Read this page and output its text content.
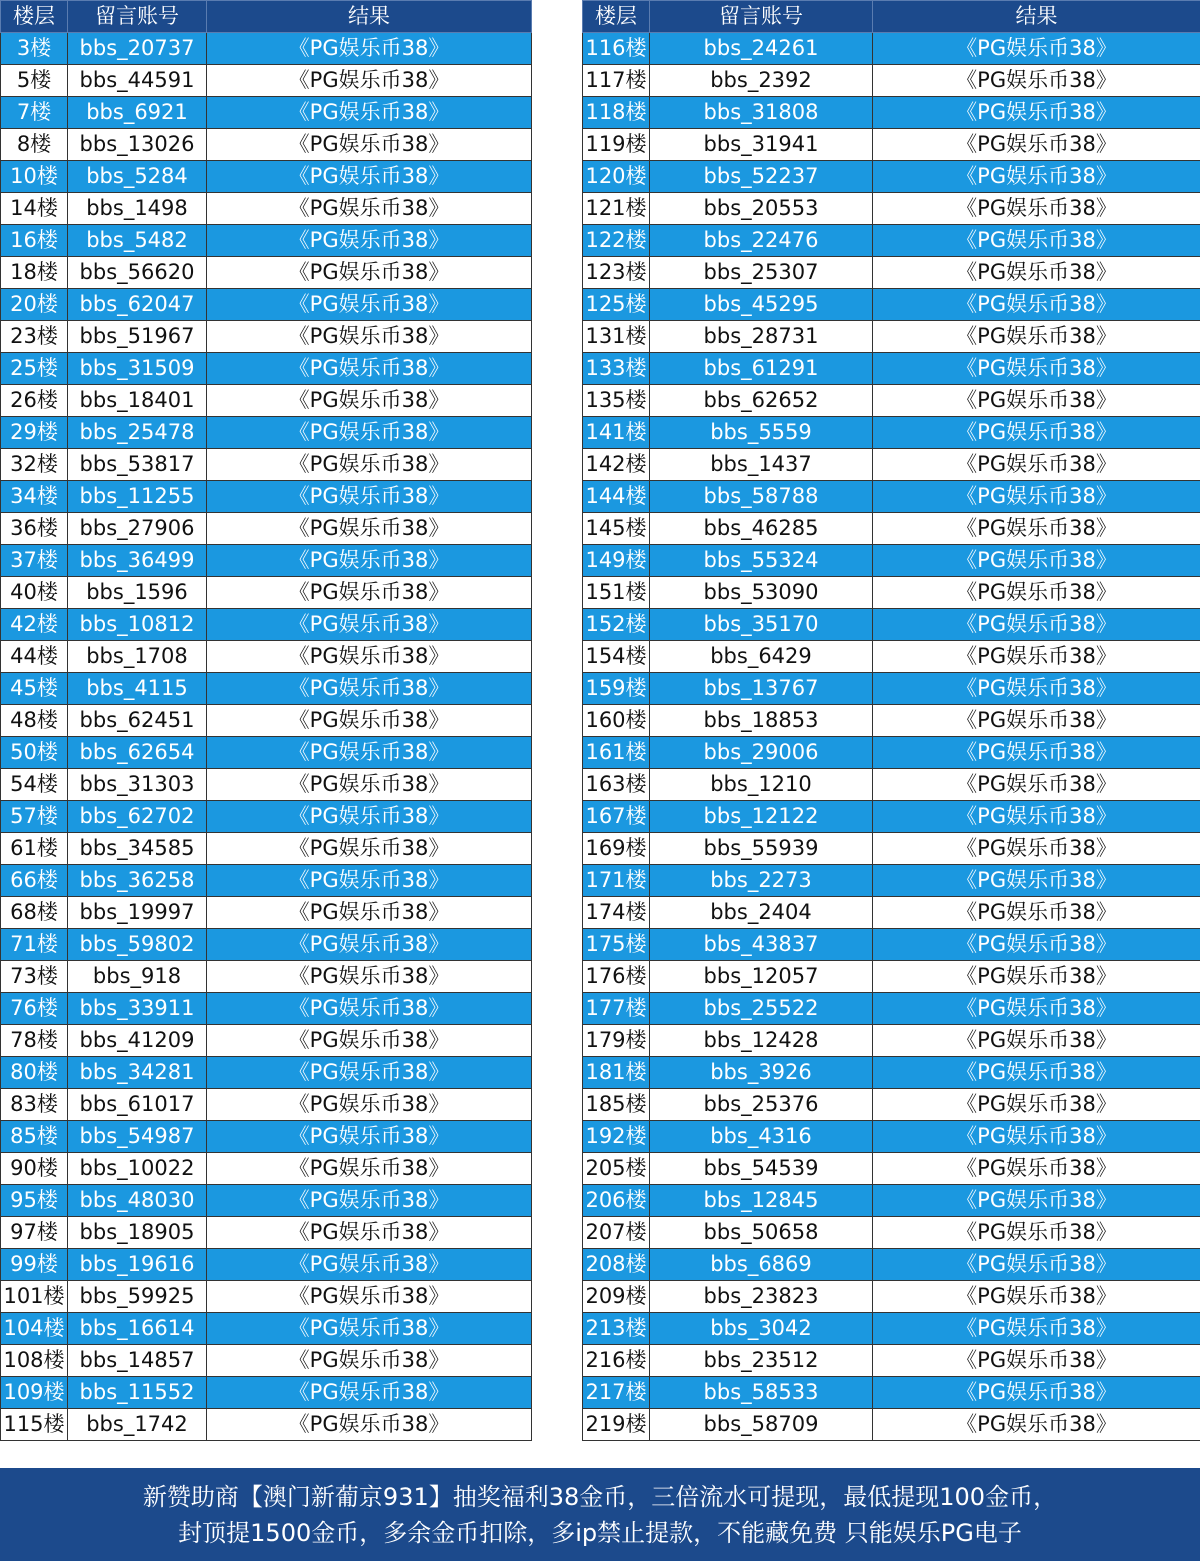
楼层	留言账号	结果
3楼	bbs_20737	《PG娱乐币38》
5楼	bbs_44591	《PG娱乐币38》
7楼	bbs_6921	《PG娱乐币38》
8楼	bbs_13026	《PG娱乐币38》
10楼	bbs_5284	《PG娱乐币38》
14楼	bbs_1498	《PG娱乐币38》
16楼	bbs_5482	《PG娱乐币38》
18楼	bbs_56620	《PG娱乐币38》
20楼	bbs_62047	《PG娱乐币38》
23楼	bbs_51967	《PG娱乐币38》
25楼	bbs_31509	《PG娱乐币38》
26楼	bbs_18401	《PG娱乐币38》
29楼	bbs_25478	《PG娱乐币38》
32楼	bbs_53817	《PG娱乐币38》
34楼	bbs_11255	《PG娱乐币38》
36楼	bbs_27906	《PG娱乐币38》
37楼	bbs_36499	《PG娱乐币38》
40楼	bbs_1596	《PG娱乐币38》
42楼	bbs_10812	《PG娱乐币38》
44楼	bbs_1708	《PG娱乐币38》
45楼	bbs_4115	《PG娱乐币38》
48楼	bbs_62451	《PG娱乐币38》
50楼	bbs_62654	《PG娱乐币38》
54楼	bbs_31303	《PG娱乐币38》
57楼	bbs_62702	《PG娱乐币38》
61楼	bbs_34585	《PG娱乐币38》
66楼	bbs_36258	《PG娱乐币38》
68楼	bbs_19997	《PG娱乐币38》
71楼	bbs_59802	《PG娱乐币38》
73楼	bbs_918	《PG娱乐币38》
76楼	bbs_33911	《PG娱乐币38》
78楼	bbs_41209	《PG娱乐币38》
80楼	bbs_34281	《PG娱乐币38》
83楼	bbs_61017	《PG娱乐币38》
85楼	bbs_54987	《PG娱乐币38》
90楼	bbs_10022	《PG娱乐币38》
95楼	bbs_48030	《PG娱乐币38》
97楼	bbs_18905	《PG娱乐币38》
99楼	bbs_19616	《PG娱乐币38》
101楼	bbs_59925	《PG娱乐币38》
104楼	bbs_16614	《PG娱乐币38》
108楼	bbs_14857	《PG娱乐币38》
109楼	bbs_11552	《PG娱乐币38》
115楼	bbs_1742	《PG娱乐币38》
楼层	留言账号	结果
116楼	bbs_24261	《PG娱乐币38》
117楼	bbs_2392	《PG娱乐币38》
118楼	bbs_31808	《PG娱乐币38》
119楼	bbs_31941	《PG娱乐币38》
120楼	bbs_52237	《PG娱乐币38》
121楼	bbs_20553	《PG娱乐币38》
122楼	bbs_22476	《PG娱乐币38》
123楼	bbs_25307	《PG娱乐币38》
125楼	bbs_45295	《PG娱乐币38》
131楼	bbs_28731	《PG娱乐币38》
133楼	bbs_61291	《PG娱乐币38》
135楼	bbs_62652	《PG娱乐币38》
141楼	bbs_5559	《PG娱乐币38》
142楼	bbs_1437	《PG娱乐币38》
144楼	bbs_58788	《PG娱乐币38》
145楼	bbs_46285	《PG娱乐币38》
149楼	bbs_55324	《PG娱乐币38》
151楼	bbs_53090	《PG娱乐币38》
152楼	bbs_35170	《PG娱乐币38》
154楼	bbs_6429	《PG娱乐币38》
159楼	bbs_13767	《PG娱乐币38》
160楼	bbs_18853	《PG娱乐币38》
161楼	bbs_29006	《PG娱乐币38》
163楼	bbs_1210	《PG娱乐币38》
167楼	bbs_12122	《PG娱乐币38》
169楼	bbs_55939	《PG娱乐币38》
171楼	bbs_2273	《PG娱乐币38》
174楼	bbs_2404	《PG娱乐币38》
175楼	bbs_43837	《PG娱乐币38》
176楼	bbs_12057	《PG娱乐币38》
177楼	bbs_25522	《PG娱乐币38》
179楼	bbs_12428	《PG娱乐币38》
181楼	bbs_3926	《PG娱乐币38》
185楼	bbs_25376	《PG娱乐币38》
192楼	bbs_4316	《PG娱乐币38》
205楼	bbs_54539	《PG娱乐币38》
206楼	bbs_12845	《PG娱乐币38》
207楼	bbs_50658	《PG娱乐币38》
208楼	bbs_6869	《PG娱乐币38》
209楼	bbs_23823	《PG娱乐币38》
213楼	bbs_3042	《PG娱乐币38》
216楼	bbs_23512	《PG娱乐币38》
217楼	bbs_58533	《PG娱乐币38》
219楼	bbs_58709	《PG娱乐币38》
新赞助商【澳门新葡京931】抽奖福利38金币，三倍流水可提现，最低提现100金币，
封顶提1500金币，多余金币扣除，多ip禁止提款，不能藏免费 只能娱乐PG电子
